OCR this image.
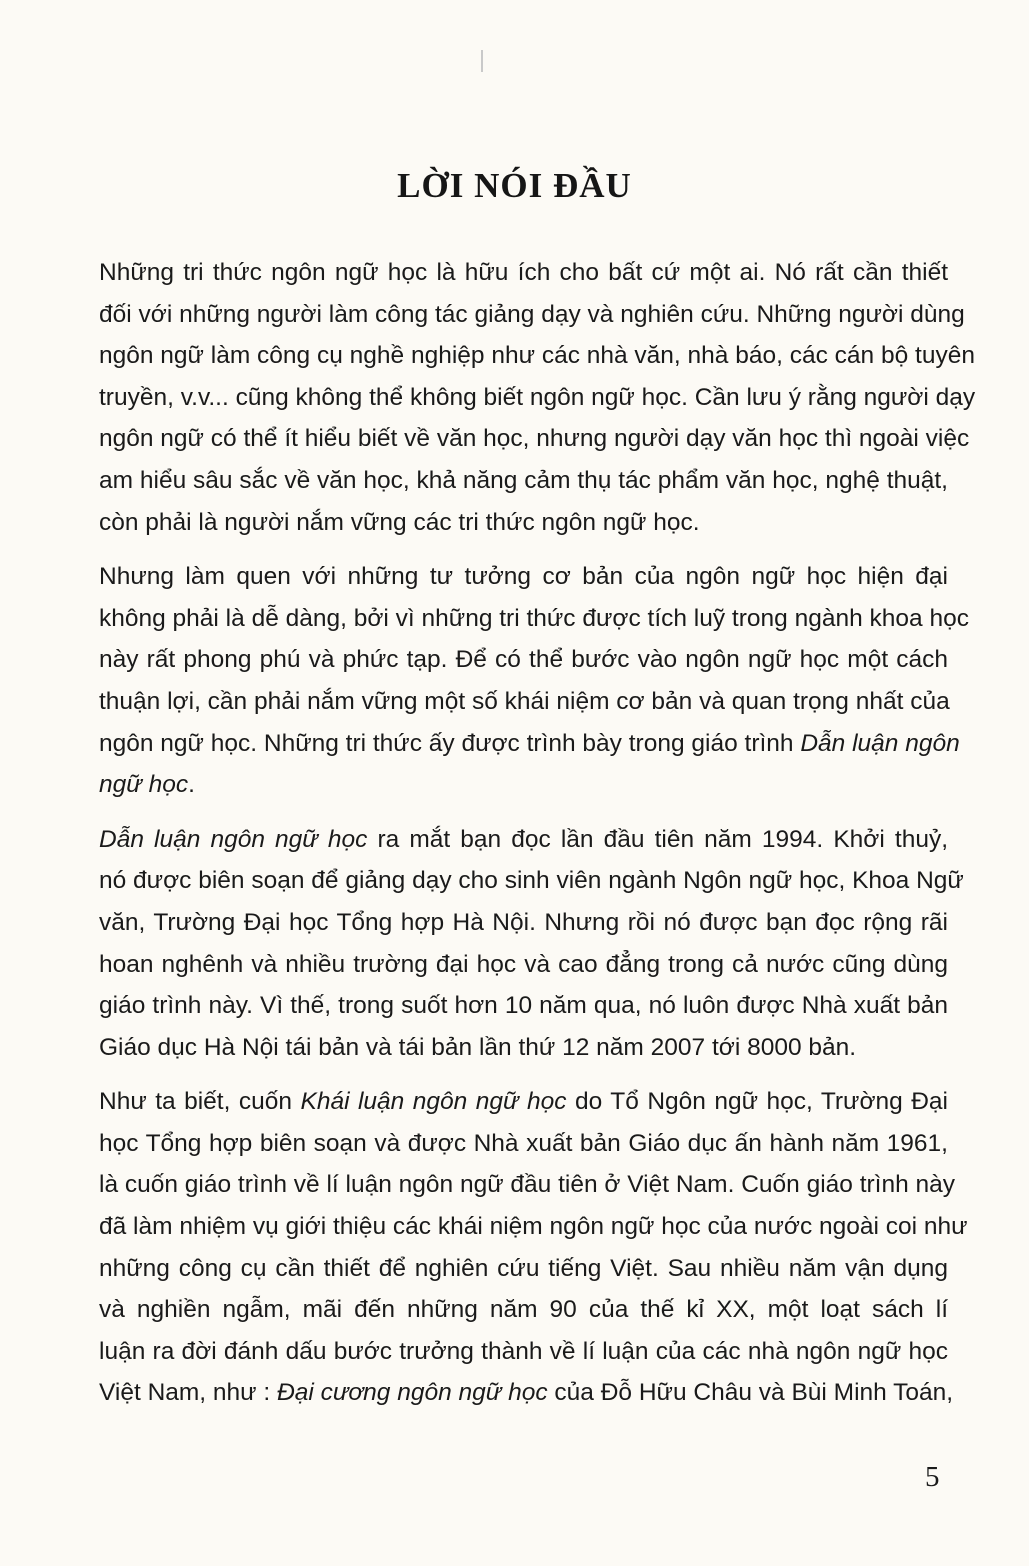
LỜI NÓI ĐẦU

Những tri thức ngôn ngữ học là hữu ích cho bất cứ một ai. Nó rất cần thiết
đối với những người làm công tác giảng dạy và nghiên cứu. Những người dùng
ngôn ngữ làm công cụ nghề nghiệp như các nhà văn, nhà báo, các cán bộ tuyên
truyền, v.v... cũng không thể không biết ngôn ngữ học. Cần lưu ý rằng người dạy
ngôn ngữ có thể ít hiểu biết về văn học, nhưng người dạy văn học thì ngoài việc
am hiểu sâu sắc về văn học, khả năng cảm thụ tác phẩm văn học, nghệ thuật,
còn phải là người nắm vững các tri thức ngôn ngữ học.

Nhưng làm quen với những tư tưởng cơ bản của ngôn ngữ học hiện đại
không phải là dễ dàng, bởi vì những tri thức được tích luỹ trong ngành khoa học
này rất phong phú và phức tạp. Để có thể bước vào ngôn ngữ học một cách
thuận lợi, cần phải nắm vững một số khái niệm cơ bản và quan trọng nhất của
ngôn ngữ học. Những tri thức ấy được trình bày trong giáo trình Dẫn luận ngôn
ngữ học.

Dẫn luận ngôn ngữ học ra mắt bạn đọc lần đầu tiên năm 1994. Khởi thuỷ,
nó được biên soạn để giảng dạy cho sinh viên ngành Ngôn ngữ học, Khoa Ngữ
văn, Trường Đại học Tổng hợp Hà Nội. Nhưng rồi nó được bạn đọc rộng rãi
hoan nghênh và nhiều trường đại học và cao đẳng trong cả nước cũng dùng
giáo trình này. Vì thế, trong suốt hơn 10 năm qua, nó luôn được Nhà xuất bản
Giáo dục Hà Nội tái bản và tái bản lần thứ 12 năm 2007 tới 8000 bản.

Như ta biết, cuốn Khái luận ngôn ngữ học do Tổ Ngôn ngữ học, Trường Đại
học Tổng hợp biên soạn và được Nhà xuất bản Giáo dục ấn hành năm 1961,
là cuốn giáo trình về lí luận ngôn ngữ đầu tiên ở Việt Nam. Cuốn giáo trình này
đã làm nhiệm vụ giới thiệu các khái niệm ngôn ngữ học của nước ngoài coi như
những công cụ cần thiết để nghiên cứu tiếng Việt. Sau nhiều năm vận dụng
và nghiền ngẫm, mãi đến những năm 90 của thế kỉ XX, một loạt sách lí
luận ra đời đánh dấu bước trưởng thành về lí luận của các nhà ngôn ngữ học
Việt Nam, như : Đại cương ngôn ngữ học của Đỗ Hữu Châu và Bùi Minh Toán,

5
